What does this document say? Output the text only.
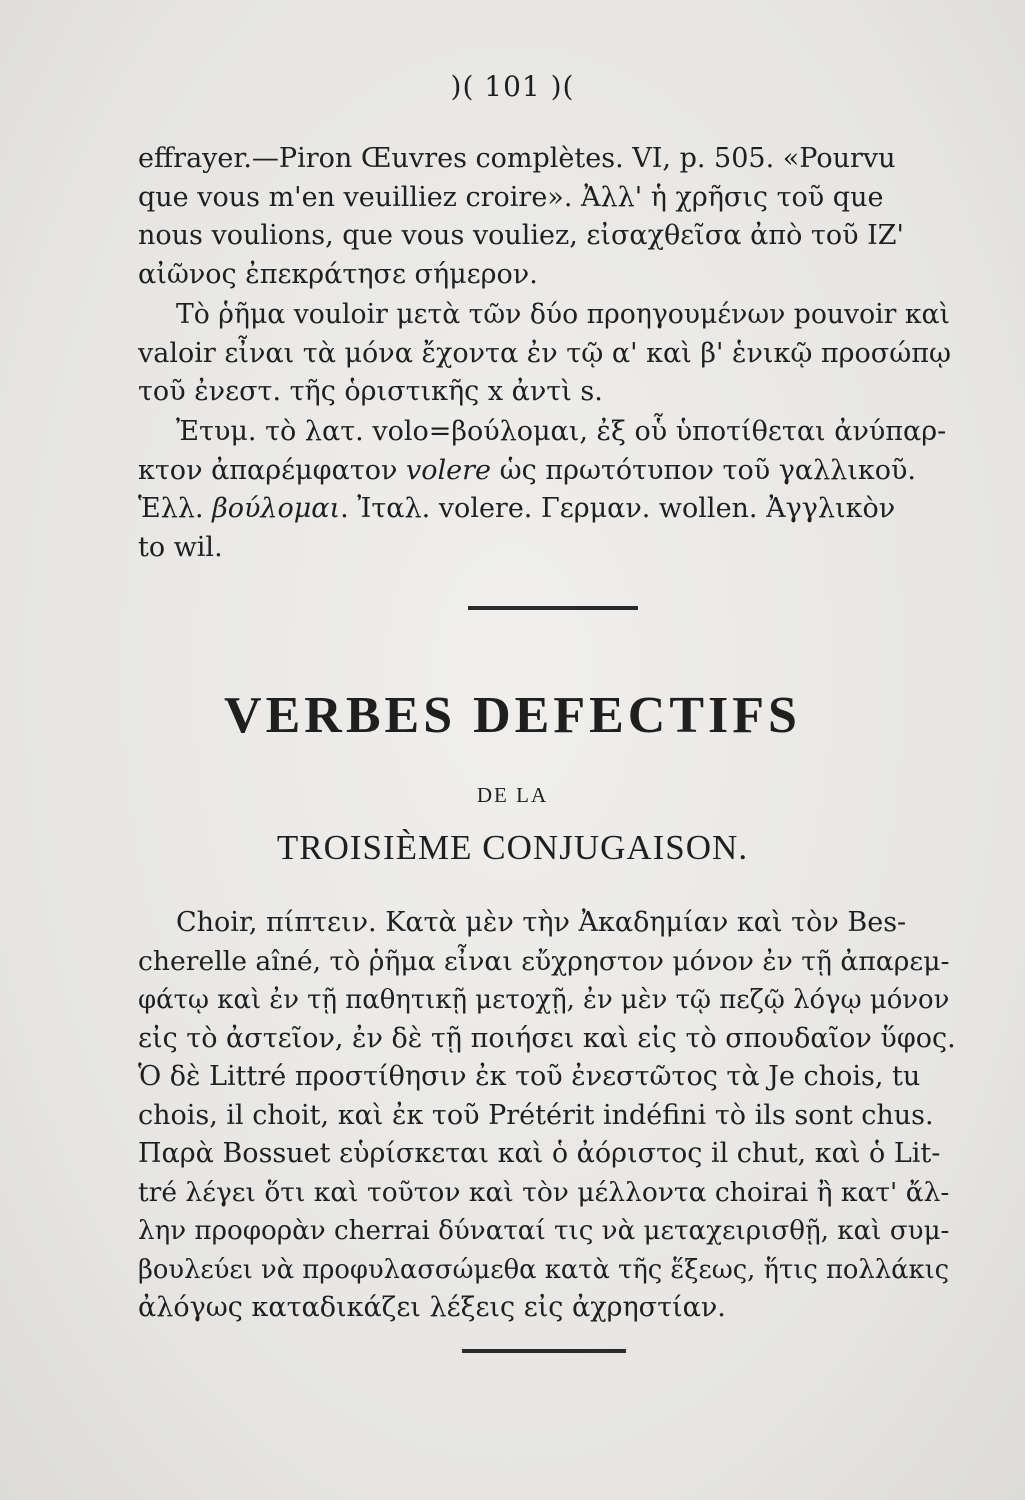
)( 101 )(
effrayer.—Piron Œuvres complètes. VI, p. 505. «Pourvu
que vous m'en veuilliez croire». Ἀλλ' ἡ χρῆσις τοῦ que
nous voulions, que vous vouliez, εἰσαχθεῖσα ἀπὸ τοῦ ΙΖ'
αἰῶνος ἐπεκράτησε σήμερον.
Τὸ ῥῆμα vouloir μετὰ τῶν δύο προηγουμένων pouvoir καὶ
valoir εἶναι τὰ μόνα ἔχοντα ἐν τῷ α' καὶ β' ἑνικῷ προσώπῳ
τοῦ ἐνεστ. τῆς ὁριστικῆς x ἀντὶ s.
Ἐτυμ. τὸ λατ. volo=βούλομαι, ἐξ οὗ ὑποτίθεται ἀνύπαρ-
κτον ἀπαρέμφατον volere ὡς πρωτότυπον τοῦ γαλλικοῦ.
Ἑλλ. βούλομαι. Ἰταλ. volere. Γερμαν. wollen. Ἀγγλικὸν
to wil.
VERBES DEFECTIFS
DE LA
TROISIÈME CONJUGAISON.
Choir, πίπτειν. Κατὰ μὲν τὴν Ἀκαδημίαν καὶ τὸν Bes-
cherelle aîné, τὸ ῥῆμα εἶναι εὔχρηστον μόνον ἐν τῇ ἀπαρεμ-
φάτῳ καὶ ἐν τῇ παθητικῇ μετοχῇ, ἐν μὲν τῷ πεζῷ λόγῳ μόνον
εἰς τὸ ἀστεῖον, ἐν δὲ τῇ ποιήσει καὶ εἰς τὸ σπουδαῖον ὕφος.
Ὁ δὲ Littré προστίθησιν ἐκ τοῦ ἐνεστῶτος τὰ Je chois, tu
chois, il choit, καὶ ἐκ τοῦ Prétérit indéfini τὸ ils sont chus.
Παρὰ Bossuet εὑρίσκεται καὶ ὁ ἀόριστος il chut, καὶ ὁ Lit-
tré λέγει ὅτι καὶ τοῦτον καὶ τὸν μέλλοντα choirai ἢ κατ' ἄλ-
λην προφορὰν cherrai δύναταί τις νὰ μεταχειρισθῇ, καὶ συμ-
βουλεύει νὰ προφυλασσώμεθα κατὰ τῆς ἕξεως, ἥτις πολλάκις
ἀλόγως καταδικάζει λέξεις εἰς ἀχρηστίαν.
